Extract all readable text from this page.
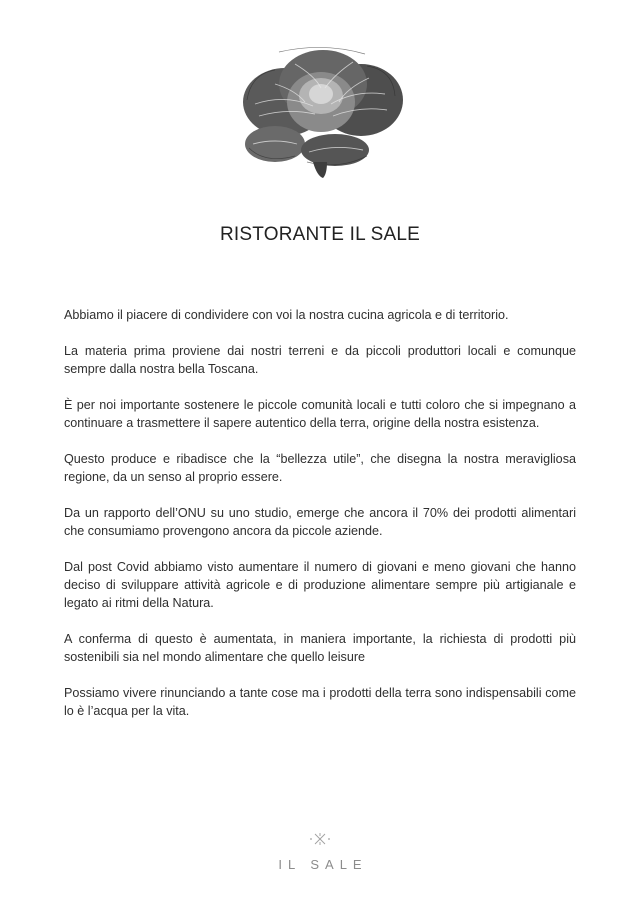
RISTORANTE IL SALE

Abbiamo il piacere di condividere con voi la nostra cucina agricola e di territorio.

La materia prima proviene dai nostri terreni e da piccoli produttori locali e comunque sempre dalla nostra bella Toscana.

È per noi importante sostenere le piccole comunità locali e tutti coloro che si impegnano a continuare a trasmettere il sapere autentico della terra, origine della nostra esistenza.

Questo produce e ribadisce che la “bellezza utile”, che disegna la nostra meravigliosa regione, da un senso al proprio essere.

Da un rapporto dell’ONU su uno studio, emerge che ancora il 70% dei prodotti alimentari che consumiamo provengono ancora da piccole aziende.

Dal post Covid abbiamo visto aumentare il numero di giovani e meno giovani che hanno deciso di sviluppare attività agricole e di produzione alimentare sempre più artigianale e legato ai ritmi della Natura.

A conferma di questo è aumentata, in maniera importante, la richiesta di prodotti più sostenibili sia nel mondo alimentare che quello leisure

Possiamo vivere rinunciando a tante cose ma i prodotti della terra sono indispensabili come lo è l’acqua per la vita.

IL SALE
